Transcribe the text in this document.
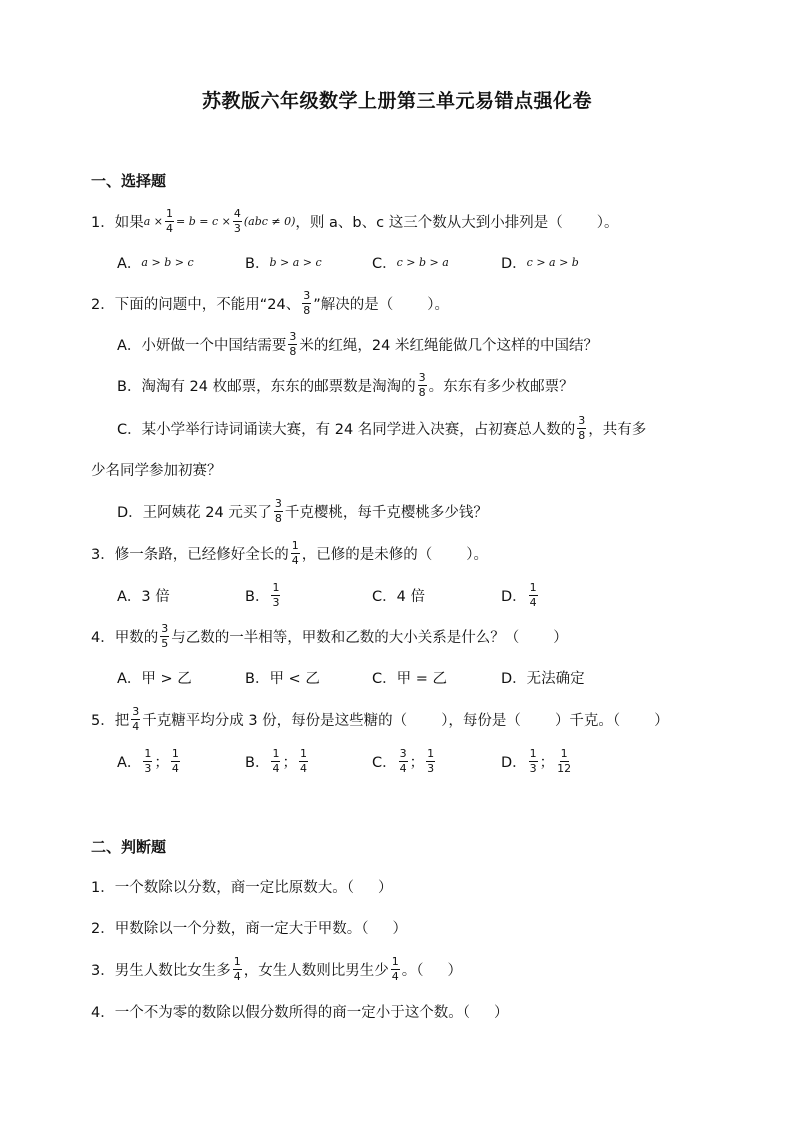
苏教版六年级数学上册第三单元易错点强化卷
一、选择题
1．如果 $a \times \frac{1}{4} = b = c \times \frac{4}{3} (abc \ne 0)$ ，则 a、b、c 这三个数从大到小排列是（ ）。
A． a > b > c	B． b > a > c	C． c > b > a	D． c > a > b
2．下面的问题中，不能用“24 、 $\frac{3}{8}$ ”解决的是（ ）。
A．小妍做一个中国结需要 $\frac{3}{8}$ 米的红绳，24 米红绳能做几个这样的中国结？
B．淘淘有 24 枚邮票，东东的邮票数是淘淘的 $\frac{3}{8}$ 。东东有多少枚邮票？
C．某小学举行诗词诵读大赛，有 24 名同学进入决赛，占初赛总人数的 $\frac{3}{8}$ ，共有多
少名同学参加初赛？
D．王阿姨花 24 元买了 $\frac{3}{8}$ 千克樱桃，每千克樱桃多少钱？
3．修一条路，已经修好全长的 $\frac{1}{4}$ ，已修的是未修的（ ）。
A．3 倍	B． $\frac{1}{3}$	C．4 倍	D． $\frac{1}{4}$
4．甲数的 $\frac{3}{5}$ 与乙数的一半相等，甲数和乙数的大小关系是什么？（ ）
A．甲 > 乙	B．甲 < 乙	C．甲 = 乙	D．无法确定
5．把 $\frac{3}{4}$ 千克糖平均分成 3 份，每份是这些糖的（ ），每份是（ ）千克。（ ）
A． $\frac{1}{3}$ ； $\frac{1}{4}$	B． $\frac{1}{4}$ ； $\frac{1}{4}$	C． $\frac{3}{4}$ ； $\frac{1}{3}$	D． $\frac{1}{3}$ ； $\frac{1}{12}$
二、判断题
1．一个数除以分数，商一定比原数大。（ ）
2．甲数除以一个分数，商一定大于甲数。（ ）
3．男生人数比女生多 $\frac{1}{4}$ ，女生人数则比男生少 $\frac{1}{4}$ 。（ ）
4．一个不为零的数除以假分数所得的商一定小于这个数。（ ）
